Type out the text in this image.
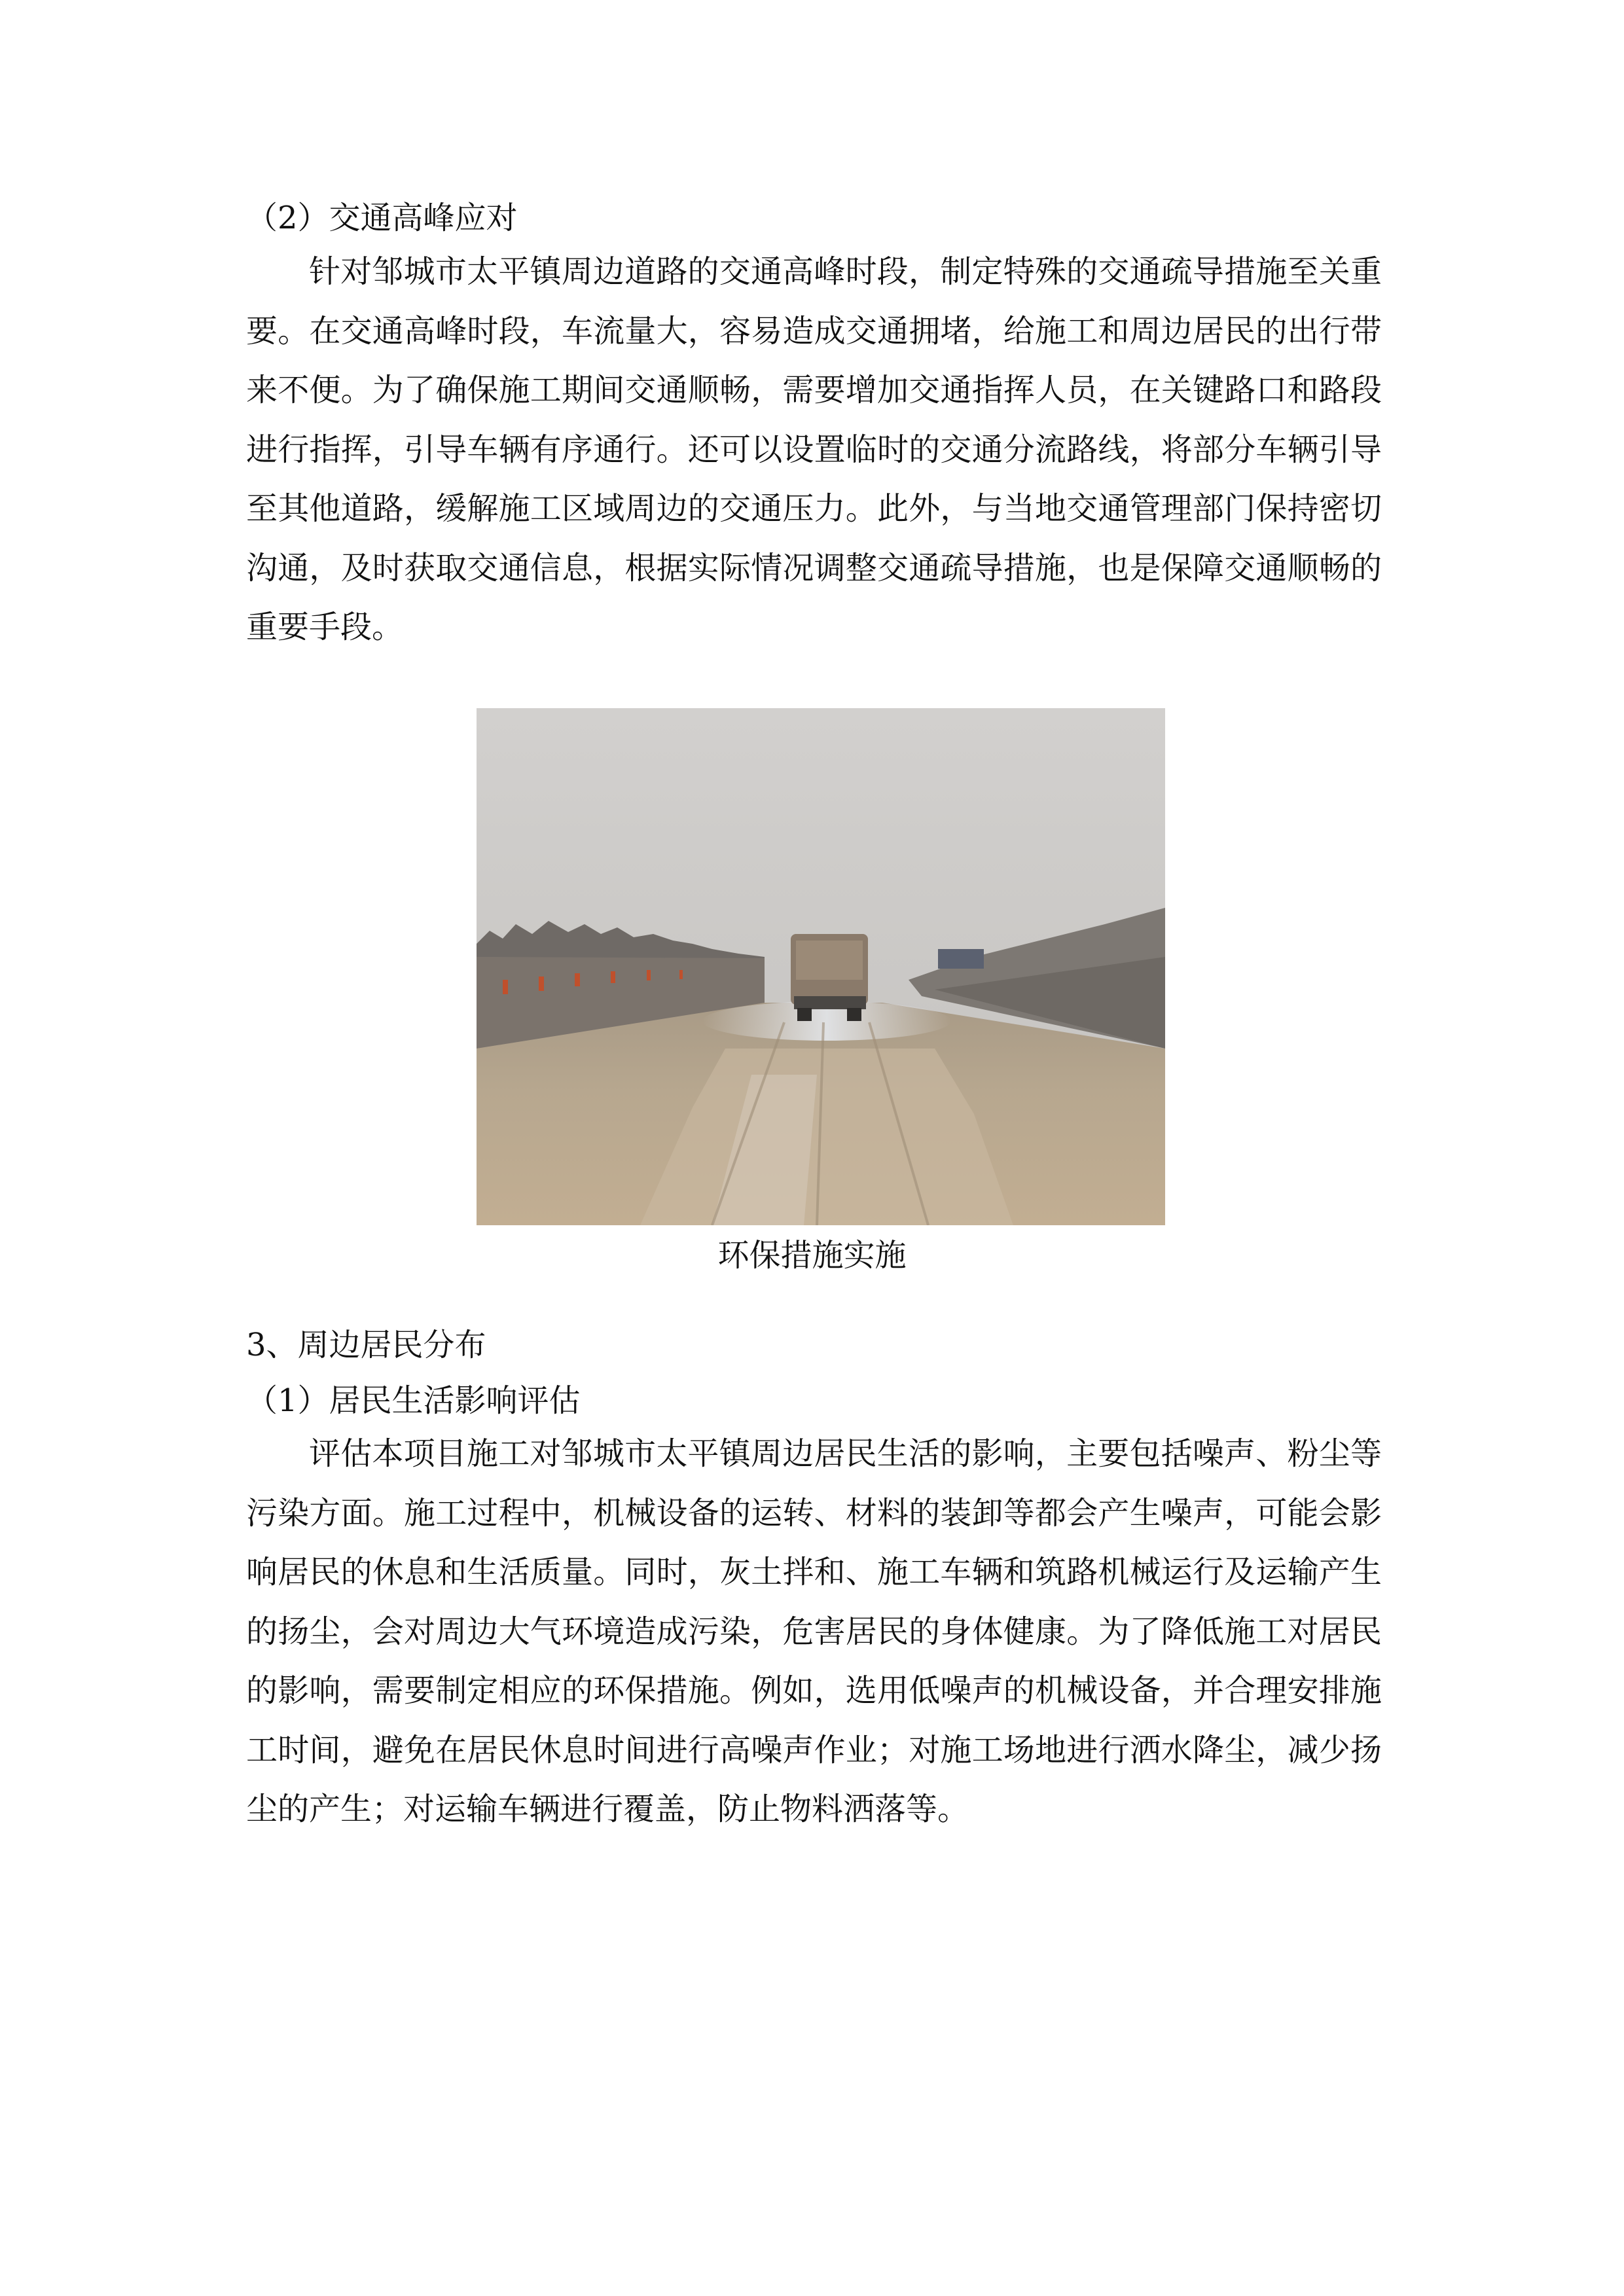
（2）交通高峰应对

针对邹城市太平镇周边道路的交通高峰时段，制定特殊的交通疏导措施至关重要。在交通高峰时段，车流量大，容易造成交通拥堵，给施工和周边居民的出行带来不便。为了确保施工期间交通顺畅，需要增加交通指挥人员，在关键路口和路段进行指挥，引导车辆有序通行。还可以设置临时的交通分流路线，将部分车辆引导至其他道路，缓解施工区域周边的交通压力。此外，与当地交通管理部门保持密切沟通，及时获取交通信息，根据实际情况调整交通疏导措施，也是保障交通顺畅的重要手段。

环保措施实施
3、周边居民分布
（1）居民生活影响评估

评估本项目施工对邹城市太平镇周边居民生活的影响，主要包括噪声、粉尘等污染方面。施工过程中，机械设备的运转、材料的装卸等都会产生噪声，可能会影响居民的休息和生活质量。同时，灰土拌和、施工车辆和筑路机械运行及运输产生的扬尘，会对周边大气环境造成污染，危害居民的身体健康。为了降低施工对居民的影响，需要制定相应的环保措施。例如，选用低噪声的机械设备，并合理安排施工时间，避免在居民休息时间进行高噪声作业；对施工场地进行洒水降尘，减少扬尘的产生；对运输车辆进行覆盖，防止物料洒落等。
